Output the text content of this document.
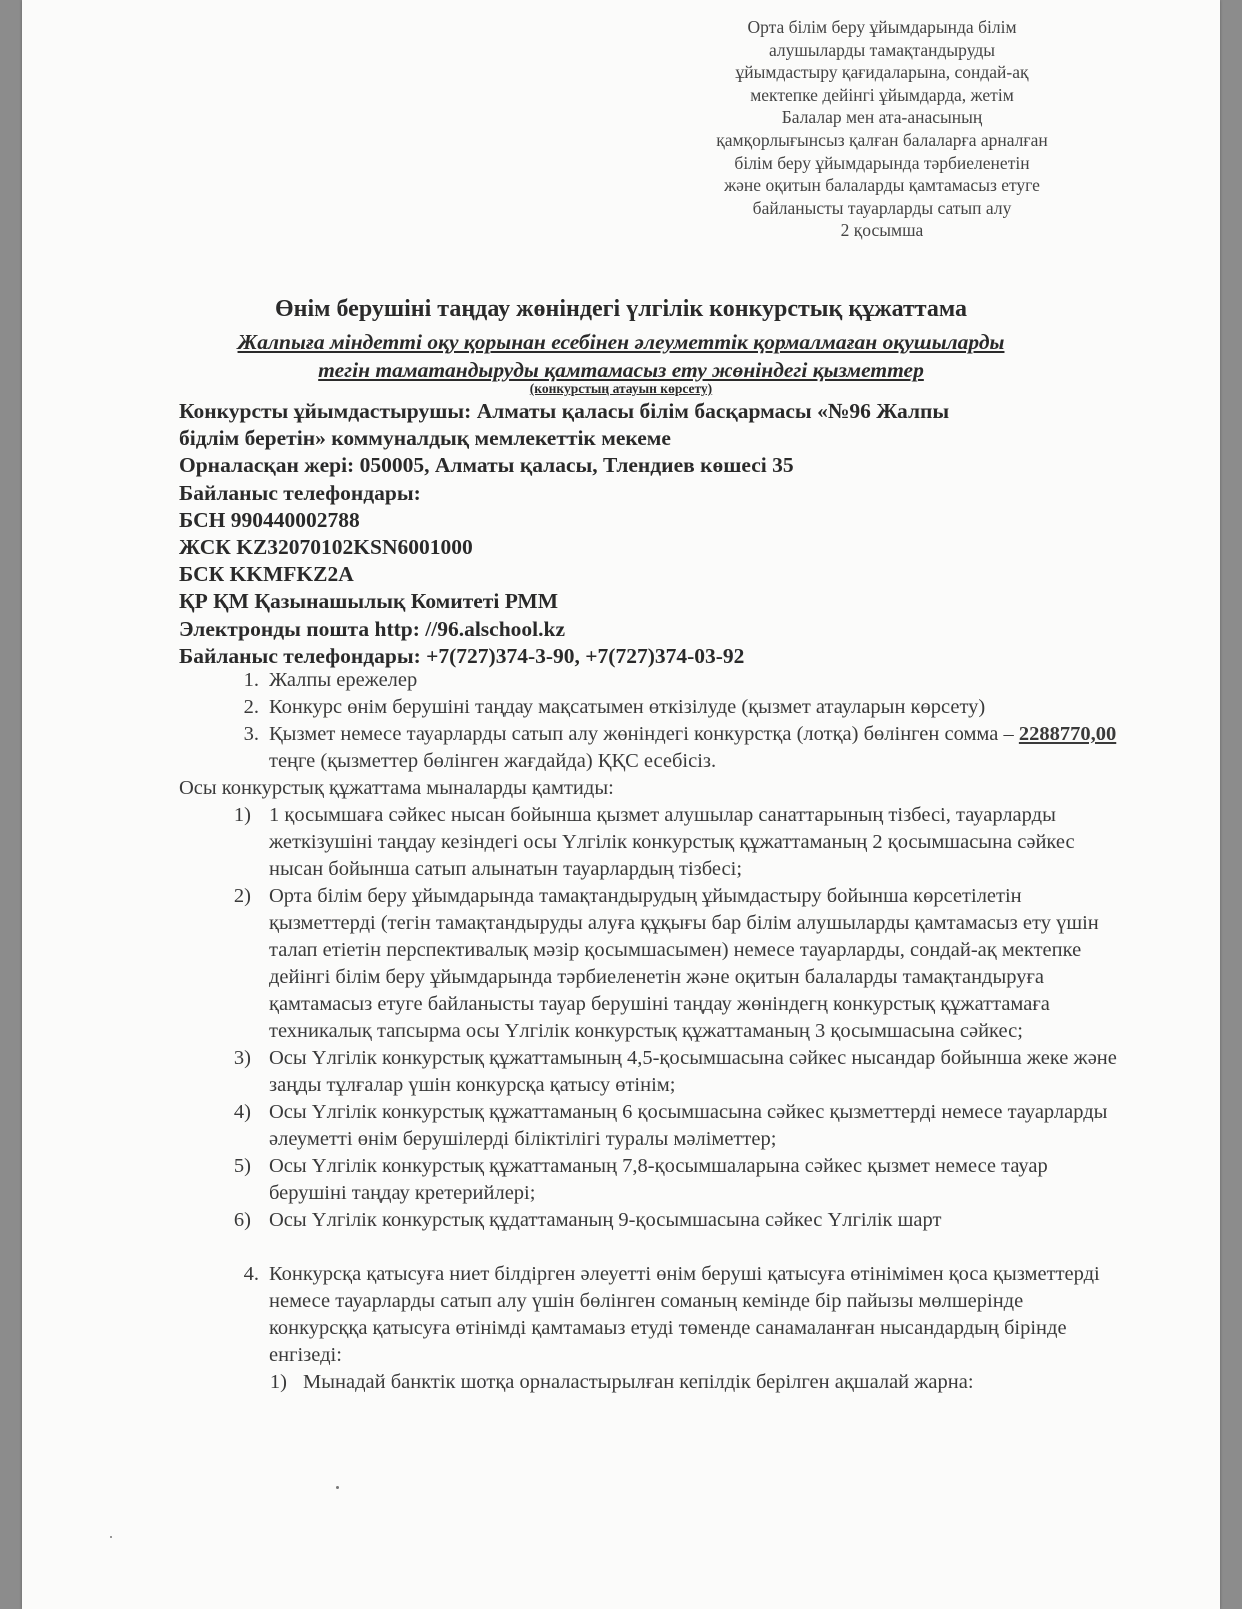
Орта білім беру ұйымдарында білім
алушыларды тамақтандыруды
ұйымдастыру қағидаларына, сондай-ақ
мектепке дейінгі ұйымдарда, жетім
Балалар мен ата-анасының
қамқорлығынсыз қалған балаларға арналған
білім беру ұйымдарында тәрбиеленетін
және оқитын балаларды қамтамасыз етуге
байланысты тауарларды сатып алу
2 қосымша
Өнім берушіні таңдау жөніндегі үлгілік конкурстық құжаттама
Жалпыға міндетті оқу қорынан есебінен әлеуметтік қормалмаған оқушыларды
тегін таматандыруды қамтамасыз ету жөніндегі қызметтер
(конкурстың атауын көрсету)
Конкурсты ұйымдастырушы: Алматы қаласы білім басқармасы «№96 Жалпы
бідлім беретін» коммуналдық мемлекеттік мекеме
Орналасқан жері: 050005, Алматы қаласы, Тлендиев көшесі 35
Байланыс телефондары:
БСН 990440002788
ЖСК KZ32070102KSN6001000
БСК KKMFKZ2A
ҚР ҚМ Қазынашылық Комитеті РММ
Электронды пошта http: //96.alschool.kz
Байланыс телефондары: +7(727)374-3-90, +7(727)374-03-92
1. Жалпы ережелер
2. Конкурс өнім берушіні таңдау мақсатымен өткізілуде (қызмет атауларын көрсету)
3. Қызмет немесе тауарларды сатып алу жөніндегі конкурстқа (лотқа) бөлінген сомма – 2288770,00 теңге (қызметтер бөлінген жағдайда) ҚҚС есебісіз.
Осы конкурстық құжаттама мыналарды қамтиды:
1) 1 қосымшаға сәйкес нысан бойынша қызмет алушылар санаттарының тізбесі, тауарларды жеткізушіні таңдау кезіндегі осы Үлгілік конкурстық құжаттаманың 2 қосымшасына сәйкес нысан бойынша сатып алынатын тауарлардың тізбесі;
2) Орта білім беру ұйымдарында тамақтандырудың ұйымдастыру бойынша көрсетілетін қызметтерді (тегін тамақтандыруды алуға құқығы бар білім алушыларды қамтамасыз ету үшін талап етіетін перспективалық мәзір қосымшасымен) немесе тауарларды, сондай-ақ мектепке дейінгі білім беру ұйымдарында тәрбиеленетін және оқитын балаларды тамақтандыруға қамтамасыз етуге байланысты тауар берушіні таңдау жөніндегң конкурстық құжаттамаға техникалық тапсырма осы Үлгілік конкурстық құжаттаманың 3 қосымшасына сәйкес;
3) Осы Үлгілік конкурстық құжаттамының 4,5-қосымшасына сәйкес нысандар бойынша жеке және заңды тұлғалар үшін конкурсқа қатысу өтінім;
4) Осы Үлгілік конкурстық құжаттаманың 6 қосымшасына сәйкес қызметтерді немесе тауарларды әлеуметті өнім берушілерді біліктілігі туралы мәліметтер;
5) Осы Үлгілік конкурстық құжаттаманың 7,8-қосымшаларына сәйкес қызмет немесе тауар берушіні таңдау кретерийлері;
6) Осы Үлгілік конкурстық құдаттаманың 9-қосымшасына сәйкес Үлгілік шарт
4. Конкурсқа қатысуға ниет білдірген әлеуетті өнім беруші қатысуға өтінімімен қоса қызметтерді немесе тауарларды сатып алу үшін бөлінген соманың кемінде бір пайызы мөлшерінде конкурсққа қатысуға өтінімді қамтамаыз етуді төменде санамаланған нысандардың бірінде енгізеді:
1) Мынадай банктік шотқа орналастырылған кепілдік берілген ақшалай жарна:
